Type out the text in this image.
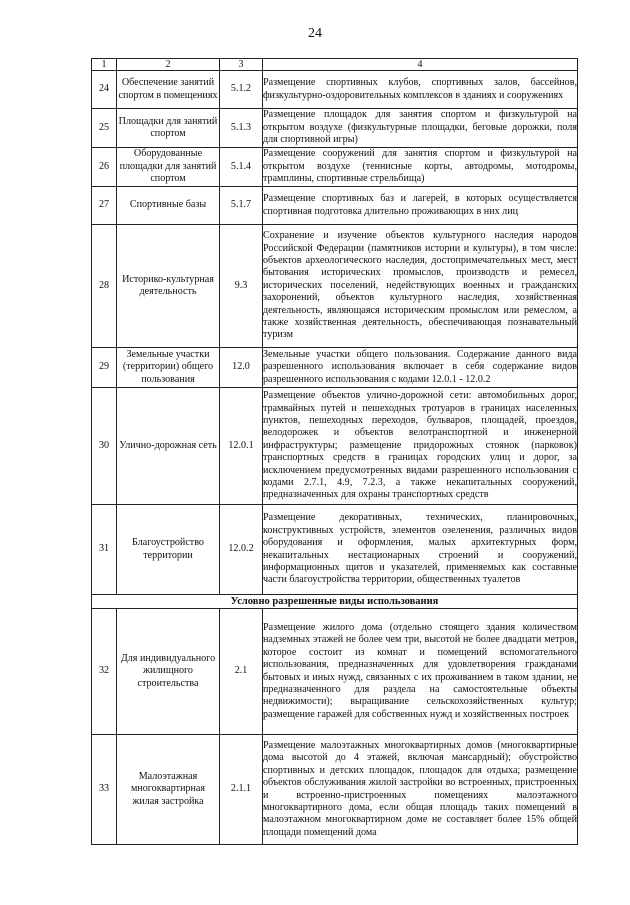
24
1	2	3	4
24	Обеспечение занятий спортом в помещениях	5.1.2	Размещение спортивных клубов, спортивных залов, бассейнов, физкультурно-оздоровительных комплексов в зданиях и сооружениях
25	Площадки для занятий спортом	5.1.3	Размещение площадок для занятия спортом и физкультурой на открытом воздухе (физкультурные площадки, беговые дорожки, поля для спортивной игры)
26	Оборудованные площадки для занятий спортом	5.1.4	Размещение сооружений для занятия спортом и физкультурой на открытом воздухе (теннисные корты, автодромы, мотодромы, трамплины, спортивные стрельбища)
27	Спортивные базы	5.1.7	Размещение спортивных баз и лагерей, в которых осуществляется спортивная подготовка длительно проживающих в них лиц
28	Историко-культурная деятельность	9.3	Сохранение и изучение объектов культурного наследия народов Российской Федерации (памятников истории и культуры), в том числе: объектов археологического наследия, достопримечательных мест, мест бытования исторических промыслов, производств и ремесел, исторических поселений, недействующих военных и гражданских захоронений, объектов культурного наследия, хозяйственная деятельность, являющаяся историческим промыслом или ремеслом, а также хозяйственная деятельность, обеспечивающая познавательный туризм
29	Земельные участки (территории) общего пользования	12.0	Земельные участки общего пользования. Содержание данного вида разрешенного использования включает в себя содержание видов разрешенного использования с кодами 12.0.1 - 12.0.2
30	Улично-дорожная сеть	12.0.1	Размещение объектов улично-дорожной сети: автомобильных дорог, трамвайных путей и пешеходных тротуаров в границах населенных пунктов, пешеходных переходов, бульваров, площадей, проездов, велодорожек и объектов велотранспортной и инженерной инфраструктуры; размещение придорожных стоянок (парковок) транспортных средств в границах городских улиц и дорог, за исключением предусмотренных видами разрешенного использования с кодами 2.7.1, 4.9, 7.2.3, а также некапитальных сооружений, предназначенных для охраны транспортных средств
31	Благоустройство территории	12.0.2	Размещение декоративных, технических, планировочных, конструктивных устройств, элементов озеленения, различных видов оборудования и оформления, малых архитектурных форм, некапитальных нестационарных строений и сооружений, информационных щитов и указателей, применяемых как составные части благоустройства территории, общественных туалетов
Условно разрешенные виды использования			
32	Для индивидуального жилищного строительства	2.1	Размещение жилого дома (отдельно стоящего здания количеством надземных этажей не более чем три, высотой не более двадцати метров, которое состоит из комнат и помещений вспомогательного использования, предназначенных для удовлетворения гражданами бытовых и иных нужд, связанных с их проживанием в таком здании, не предназначенного для раздела на самостоятельные объекты недвижимости); выращивание сельскохозяйственных культур; размещение гаражей для собственных нужд и хозяйственных построек
33	Малоэтажная многоквартирная жилая застройка	2.1.1	Размещение малоэтажных многоквартирных домов (многоквартирные дома высотой до 4 этажей, включая мансардный); обустройство спортивных и детских площадок, площадок для отдыха; размещение объектов обслуживания жилой застройки во встроенных, пристроенных и встроенно-пристроенных помещениях малоэтажного многоквартирного дома, если общая площадь таких помещений в малоэтажном многоквартирном доме не составляет более 15% общей площади помещений дома
